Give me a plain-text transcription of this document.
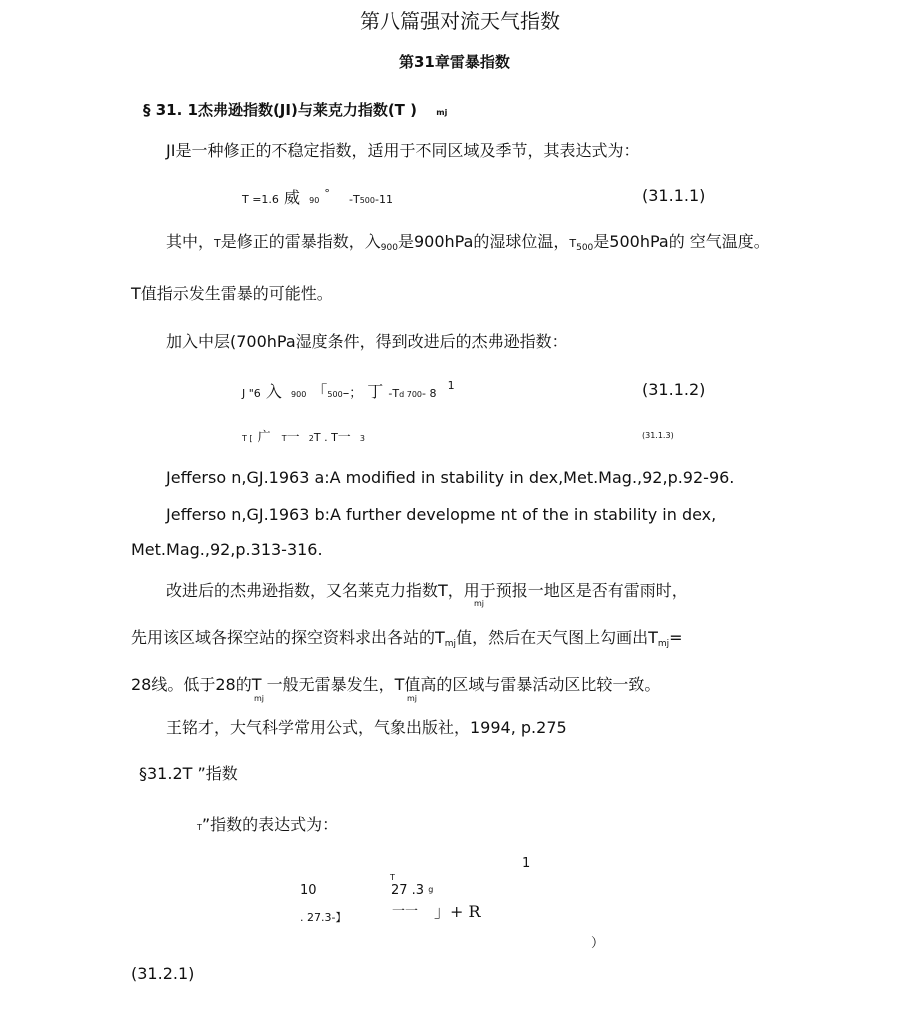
第八篇强对流天气指数
第31章雷暴指数
§ 31. 1杰弗逊指数(JI)与莱克力指数(T ) mj
JI是一种修正的不稳定指数，适用于不同区域及季节，其表达式为：
T =1.6 威 90 ° -T500-11	(31.1.1)
其中，T是修正的雷暴指数，入$_{900}$是900hPa的湿球位温，$T_{500}$是500hPa的 空气温度。
T值指示发生雷暴的可能性。
加入中层(700hPa湿度条件，得到改进后的杰弗逊指数：
J "6 入 900 「500–； 丁 -Td 700- 8 $^1$	(31.1.2)
T [ 广 T一 2T . T一 3	(31.1.3)
Jefferso n,GJ.1963 a:A modified in stability in dex,Met.Mag.,92,p.92-96.
Jefferso n,GJ.1963 b:A further developme nt of the in stability in dex,
Met.Mag.,92,p.313-316.
改进后的杰弗逊指数，又名莱克力指数T，用于预报一地区是否有雷雨时，
mj
先用该区域各探空站的探空资料求出各站的$T_{mj}$值，然后在天气图上勾画出$T_{mj}=$
28线。低于28的T 一般无雷暴发生，T值高的区域与雷暴活动区比较一致。
mj	mj
王铭才，大气科学常用公式，气象出版社，1994, p.275
§31.2T ”指数
T”指数的表达式为：
1
T
10	27 .3 g
. 27.3-】	一一 」+ R
）
(31.2.1)
